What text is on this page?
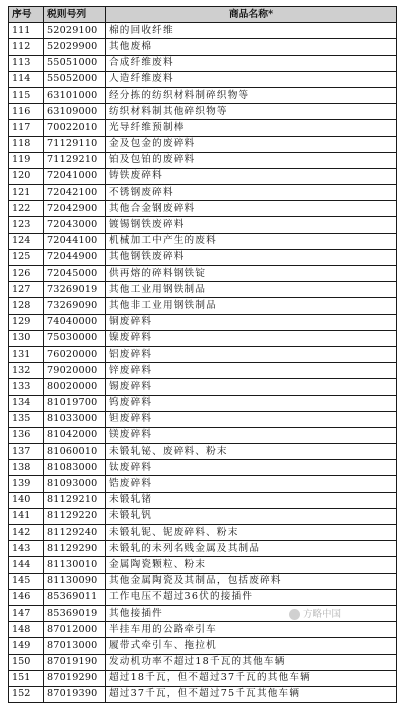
序号	税则号列	商品名称*
111	52029100	棉的回收纤维
112	52029900	其他废棉
113	55051000	合成纤维废料
114	55052000	人造纤维废料
115	63101000	经分拣的纺织材料制碎织物等
116	63109000	纺织材料制其他碎织物等
117	70022010	光导纤维预制棒
118	71129110	金及包金的废碎料
119	71129210	铂及包铂的废碎料
120	72041000	铸铁废碎料
121	72042100	不锈钢废碎料
122	72042900	其他合金钢废碎料
123	72043000	镀锡钢铁废碎料
124	72044100	机械加工中产生的废料
125	72044900	其他钢铁废碎料
126	72045000	供再熔的碎料钢铁锭
127	73269019	其他工业用钢铁制品
128	73269090	其他非工业用钢铁制品
129	74040000	铜废碎料
130	75030000	镍废碎料
131	76020000	铝废碎料
132	79020000	锌废碎料
133	80020000	锡废碎料
134	81019700	钨废碎料
135	81033000	钽废碎料
136	81042000	镁废碎料
137	81060010	未锻轧铋、废碎料、粉末
138	81083000	钛废碎料
139	81093000	锆废碎料
140	81129210	未锻轧锗
141	81129220	未锻轧钒
142	81129240	未锻轧铌、铌废碎料、粉末
143	81129290	未锻轧的未列名贱金属及其制品
144	81130010	金属陶瓷颗粒、粉末
145	81130090	其他金属陶瓷及其制品，包括废碎料
146	85369011	工作电压不超过36伏的接插件
147	85369019	其他接插件
148	87012000	半挂车用的公路牵引车
149	87013000	履带式牵引车、拖拉机
150	87019190	发动机功率不超过18千瓦的其他车辆
151	87019290	超过18千瓦，但不超过37千瓦的其他车辆
152	87019390	超过37千瓦，但不超过75千瓦其他车辆
方略中国
